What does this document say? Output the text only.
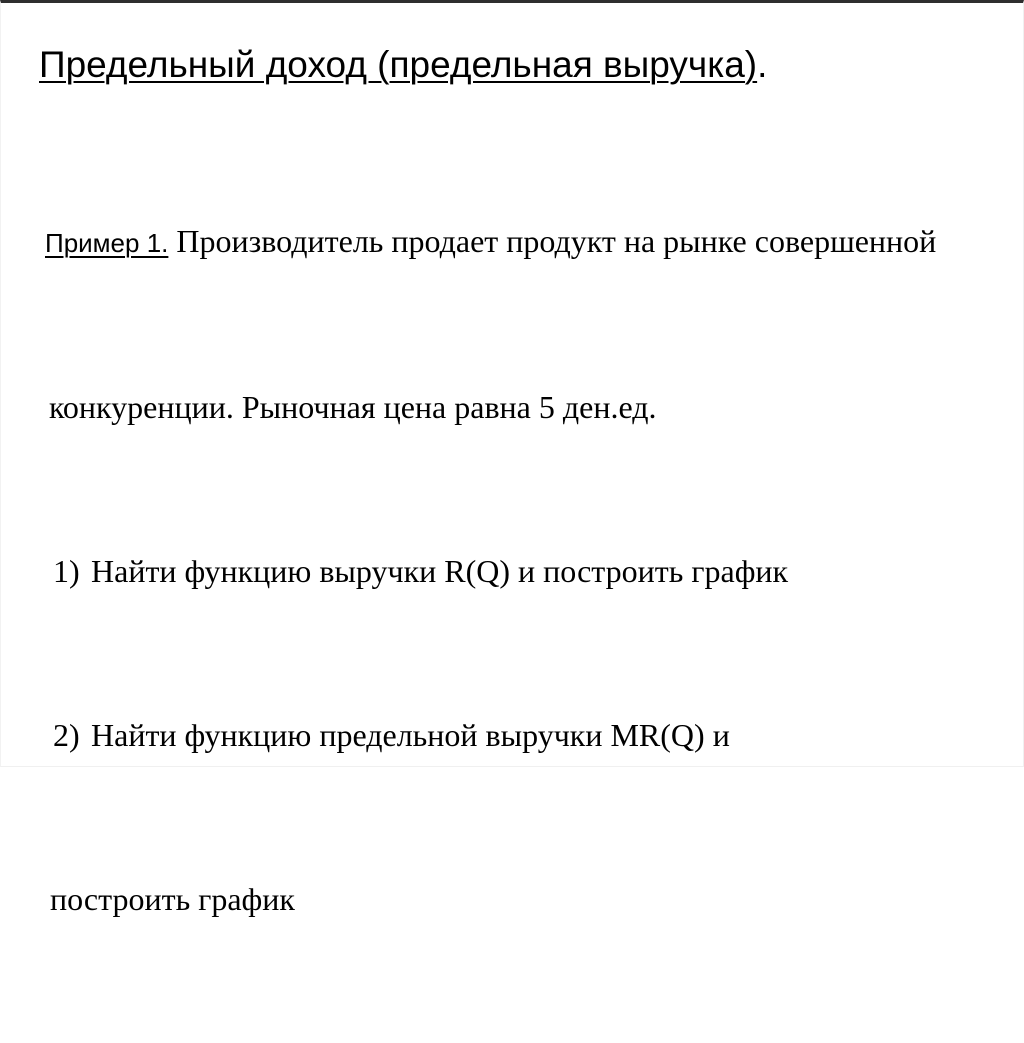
Предельный доход (предельная выручка).

Пример 1. Производитель продает продукт на рынке совершенной

конкуренции. Рыночная цена равна 5 ден.ед.

1) Найти функцию выручки R(Q) и построить график

2) Найти функцию предельной выручки MR(Q) и

построить график
